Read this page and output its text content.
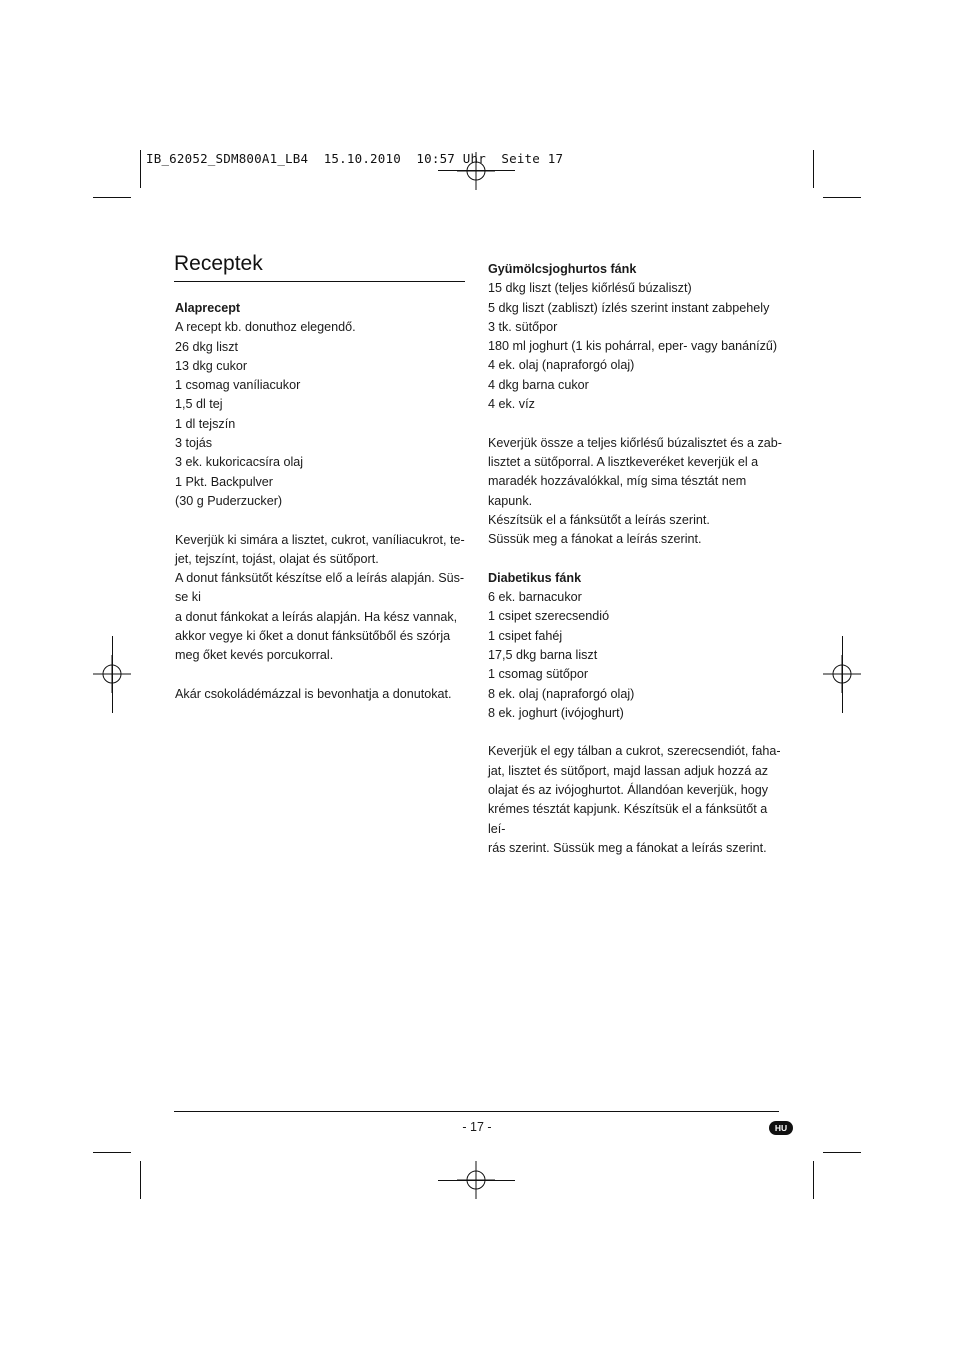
IB_62052_SDM800A1_LB4  15.10.2010  10:57 Uhr  Seite 17
Receptek
Alaprecept
A recept kb. donuthoz elegendő.
26 dkg liszt
13 dkg cukor
1 csomag vaníliacukor
1,5 dl tej
1 dl tejszín
3 tojás
3 ek. kukoricacsíra olaj
1 Pkt. Backpulver
(30 g Puderzucker)

Keverjük ki simára a lisztet, cukrot, vaníliacukrot, te-

jet, tejszínt, tojást, olajat és sütőport.

A donut fánksütőt készítse elő a leírás alapján. Süs-

se ki

a donut fánkokat a leírás alapján. Ha kész vannak,

akkor vegye ki őket a donut fánksütőből és szórja

meg őket kevés porcukorral.

Akár csokoládémázzal is bevonhatja a donutokat.

Gyümölcsjoghurtos fánk
15 dkg liszt (teljes kiőrlésű búzaliszt)
5 dkg liszt (zabliszt) ízlés szerint instant zabpehely
3 tk. sütőpor
180 ml joghurt (1 kis pohárral, eper- vagy banánízű)
4 ek. olaj (napraforgó olaj)
4 dkg barna cukor
4 ek. víz

Keverjük össze a teljes kiőrlésű búzalisztet és a zab-

lisztet a sütőporral. A lisztkeveréket keverjük el a

maradék hozzávalókkal, míg sima tésztát nem kapunk.

Készítsük el a fánksütőt a leírás szerint.

Süssük meg a fánokat a leírás szerint.

Diabetikus fánk
6 ek. barnacukor
1 csipet szerecsendió
1 csipet fahéj
17,5 dkg barna liszt
1 csomag sütőpor
8 ek. olaj (napraforgó olaj)
8 ek. joghurt (ivójoghurt)

Keverjük el egy tálban a cukrot, szerecsendiót, faha-

jat, lisztet és sütőport, majd lassan adjuk hozzá az

olajat és az ivójoghurtot. Állandóan keverjük, hogy

krémes tésztát kapjunk. Készítsük el a fánksütőt a leí-

rás szerint. Süssük meg a fánokat a leírás szerint.

- 17 -	HU
